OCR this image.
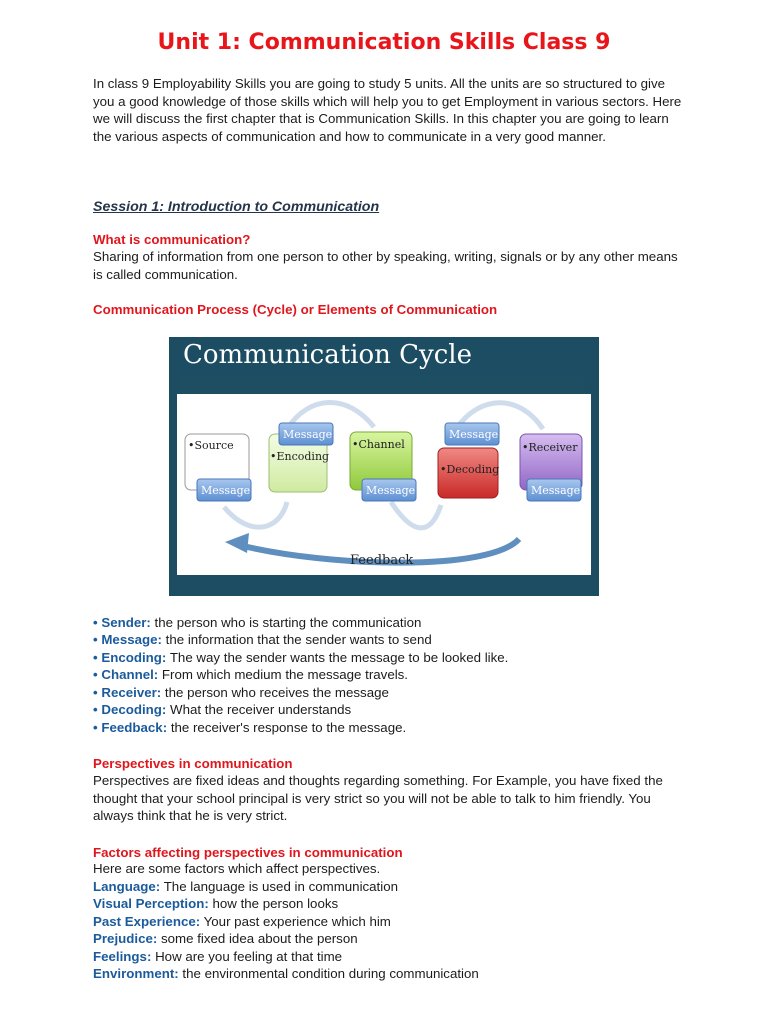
Unit 1: Communication Skills Class 9

In class 9 Employability Skills you are going to study 5 units. All the units are so structured to give you a good knowledge of those skills which will help you to get Employment in various sectors. Here we will discuss the first chapter that is Communication Skills. In this chapter you are going to learn the various aspects of communication and how to communicate in a very good manner.

Session 1: Introduction to Communication

What is communication?

Sharing of information from one person to other by speaking, writing, signals or by any other means is called communication.

Communication Process (Cycle) or Elements of Communication

Communication Cycle
Feedback
•Source
•Encoding
•Channel
•Decoding
•Receiver
Message
Message
Message
Message
Message

• Sender: the person who is starting the communication

• Message: the information that the sender wants to send

• Encoding: The way the sender wants the message to be looked like.

• Channel: From which medium the message travels.

• Receiver: the person who receives the message

• Decoding: What the receiver understands

• Feedback: the receiver's response to the message.

Perspectives in communication

Perspectives are fixed ideas and thoughts regarding something. For Example, you have fixed the thought that your school principal is very strict so you will not be able to talk to him friendly. You always think that he is very strict.

Factors affecting perspectives in communication

Here are some factors which affect perspectives.

Language: The language is used in communication

Visual Perception: how the person looks

Past Experience: Your past experience which him

Prejudice: some fixed idea about the person

Feelings: How are you feeling at that time

Environment: the environmental condition during communication
